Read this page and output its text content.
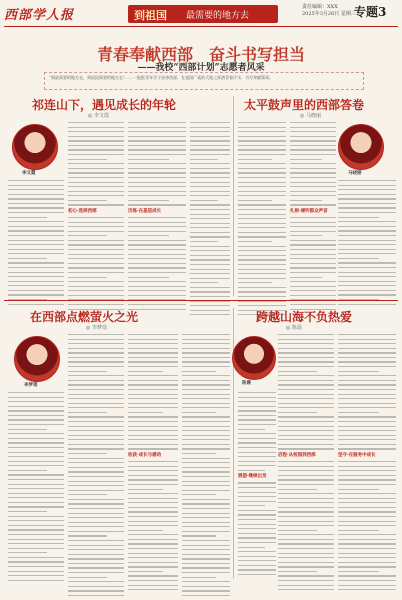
西部学人报	到祖国 最需要的地方去
责任编辑：XXX
2025年3月26日 星期三
专题3
青春奉献西部　奋斗书写担当
——我校“西部计划”志愿者风采
“到最需要的地方去，到祖国需要的地方去”……一批批青年学子投身西部，在祖国广袤的大地上挥洒青春汗水，书写奉献篇章。
祁连山下，遇见成长的年轮
◎ 李文霞
李文霞
初心·选择西部	历练·在基层成长
太平鼓声里的西部答卷
◎ 马晓丽
马晓丽
扎根·倾听群众声音
在西部点燃萤火之光
◎ 李梦瑶
李梦瑶
收获·成长与感动
跨越山海不负热爱
◎ 陈晨
陈晨
启程·从校园到西部	坚守·在服务中成长
展望·继续出发
